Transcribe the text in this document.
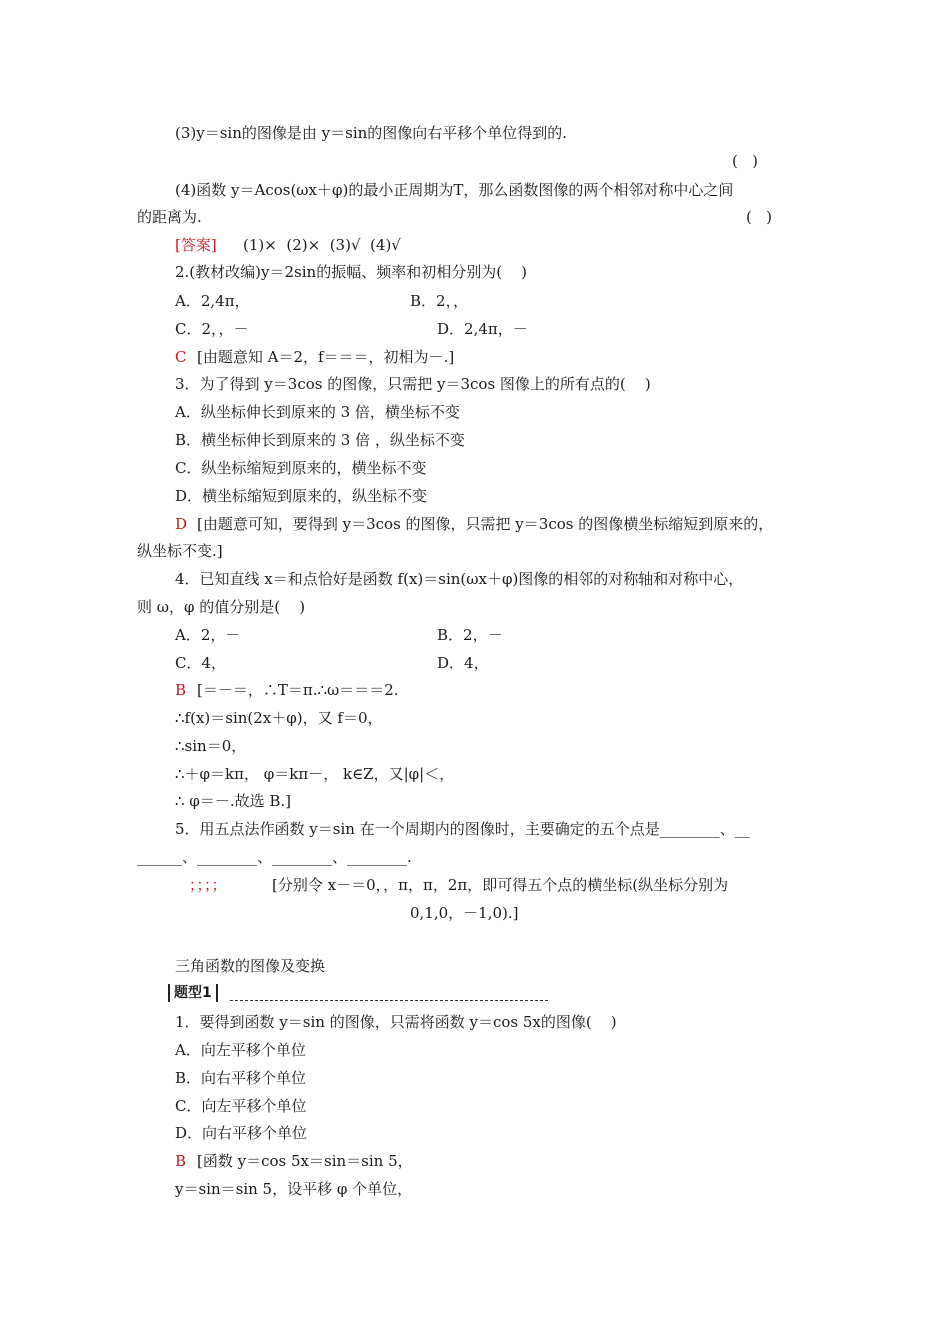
(3)y＝sin的图像是由 y＝sin的图像向右平移个单位得到的.
(   )
(4)函数 y＝Acos(ωx＋φ)的最小正周期为T，那么函数图像的两个相邻对称中心之间
的距离为.	(   )
[答案] (1)×  (2)×  (3)√  (4)√
2.(教材改编)y＝2sin的振幅、频率和初相分别为(    )
A．2,4π，	B．2，，
C．2，，－	D．2,4π，－
C [由题意知 A＝2，f＝＝＝，初相为－.]
3．为了得到 y＝3cos 的图像，只需把 y＝3cos 图像上的所有点的(    )
A．纵坐标伸长到原来的 3 倍，横坐标不变
B．横坐标伸长到原来的 3 倍 ，纵坐标不变
C．纵坐标缩短到原来的，横坐标不变
D．横坐标缩短到原来的，纵坐标不变
D [由题意可知，要得到 y＝3cos 的图像，只需把 y＝3cos 的图像横坐标缩短到原来的，
纵坐标不变.]
4．已知直线 x＝和点恰好是函数 f(x)＝sin(ωx＋φ)图像的相邻的对称轴和对称中心，
则 ω，φ 的值分别是(    )
A．2，－	B．2，－
C．4，	D．4，
B [＝－＝，∴T＝π.∴ω＝＝＝2.
∴f(x)＝sin(2x＋φ)，又 f＝0，
∴sin＝0，
∴＋φ＝kπ， φ＝kπ－， k∈Z，又|φ|＜，
∴ φ＝－.故选 B.]
5．用五点法作函数 y＝sin 在一个周期内的图像时，主要确定的五个点是________、__
______、________、________、________.
；；；；	[分别令 x－＝0，，π，π，2π，即可得五个点的横坐标(纵坐标分别为
0,1,0，－1,0).]
三角函数的图像及变换
1．要得到函数 y＝sin 的图像，只需将函数 y＝cos 5x的图像(    )
A．向左平移个单位
B．向右平移个单位
C．向左平移个单位
D．向右平移个单位
B [函数 y＝cos 5x＝sin＝sin 5，
y＝sin＝sin 5，设平移 φ 个单位，
题型1
